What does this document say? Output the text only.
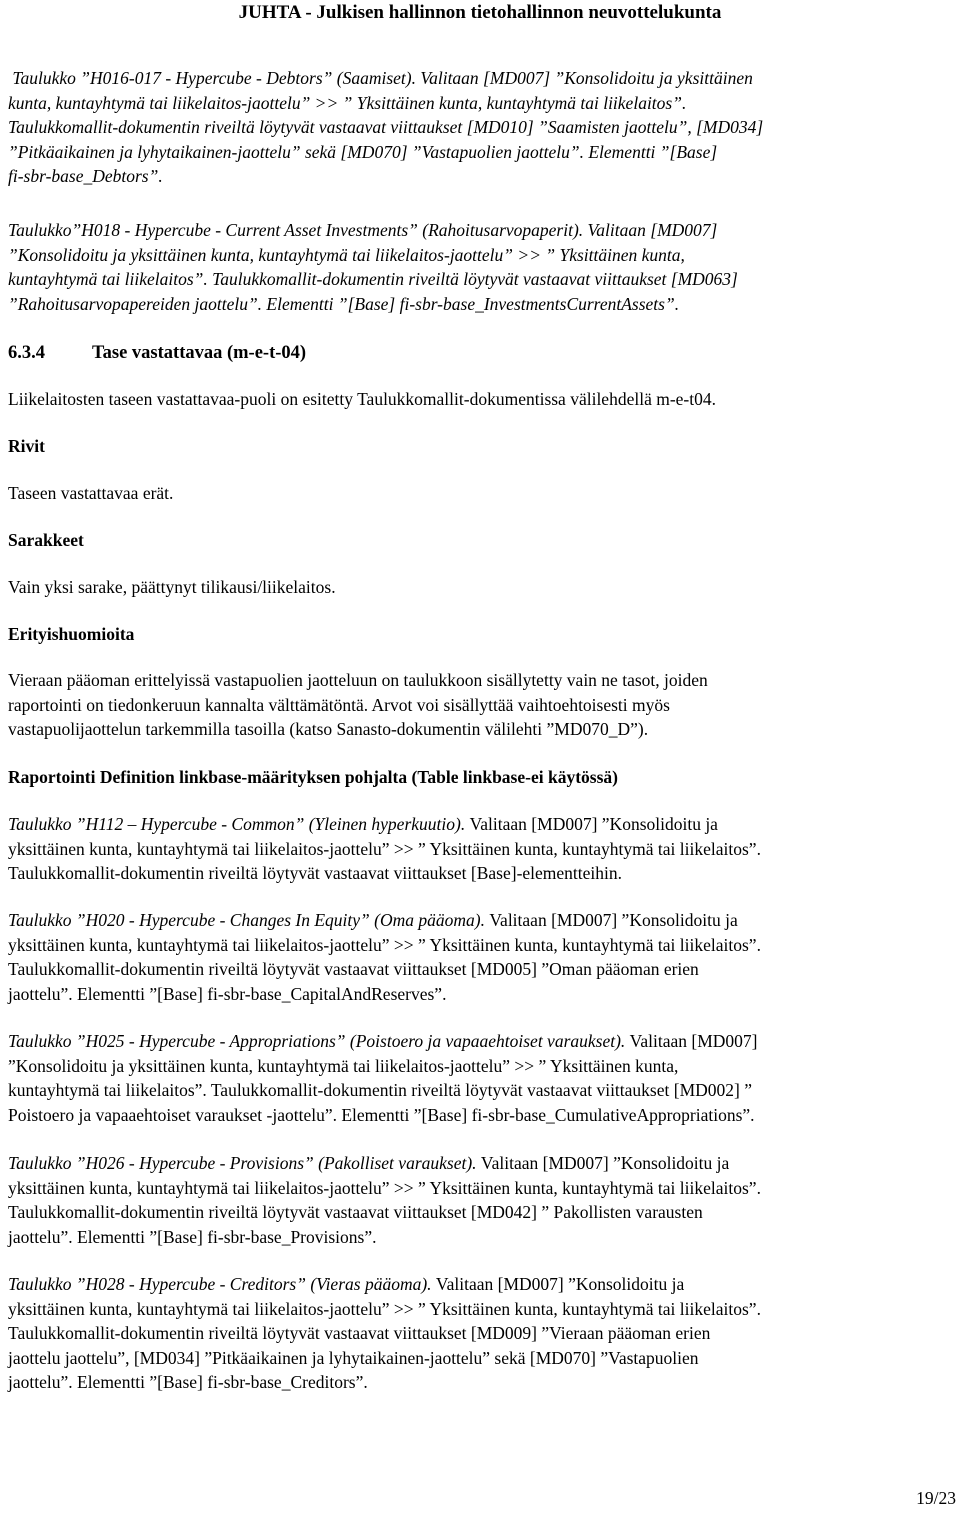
JUHTA - Julkisen hallinnon tietohallinnon neuvottelukunta
Taulukko ”H016-017 - Hypercube - Debtors” (Saamiset). Valitaan [MD007] ”Konsolidoitu ja yksittäinen
kunta, kuntayhtymä tai liikelaitos-jaottelu” >> ” Yksittäinen kunta, kuntayhtymä tai liikelaitos”.
Taulukkomallit-dokumentin riveiltä löytyvät vastaavat viittaukset [MD010] ”Saamisten jaottelu”, [MD034]
”Pitkäaikainen ja lyhytaikainen-jaottelu” sekä [MD070] ”Vastapuolien jaottelu”. Elementti ”[Base]
fi-sbr-base_Debtors”.
Taulukko”H018 - Hypercube - Current Asset Investments” (Rahoitusarvopaperit). Valitaan [MD007]
”Konsolidoitu ja yksittäinen kunta, kuntayhtymä tai liikelaitos-jaottelu” >> ” Yksittäinen kunta,
kuntayhtymä tai liikelaitos”. Taulukkomallit-dokumentin riveiltä löytyvät vastaavat viittaukset [MD063]
”Rahoitusarvopapereiden jaottelu”. Elementti ”[Base] fi-sbr-base_InvestmentsCurrentAssets”.
6.3.4	Tase vastattavaa (m-e-t-04)
Liikelaitosten taseen vastattavaa-puoli on esitetty Taulukkomallit-dokumentissa välilehdellä m-e-t04.
Rivit
Taseen vastattavaa erät.
Sarakkeet
Vain yksi sarake, päättynyt tilikausi/liikelaitos.
Erityishuomioita
Vieraan pääoman erittelyissä vastapuolien jaotteluun on taulukkoon sisällytetty vain ne tasot, joiden
raportointi on tiedonkeruun kannalta välttämätöntä. Arvot voi sisällyttää vaihtoehtoisesti myös
vastapuolijaottelun tarkemmilla tasoilla (katso Sanasto-dokumentin välilehti ”MD070_D”).
Raportointi Definition linkbase-määrityksen pohjalta (Table linkbase-ei käytössä)
Taulukko ”H112 – Hypercube - Common” (Yleinen hyperkuutio). Valitaan [MD007] ”Konsolidoitu ja
yksittäinen kunta, kuntayhtymä tai liikelaitos-jaottelu” >> ” Yksittäinen kunta, kuntayhtymä tai liikelaitos”.
Taulukkomallit-dokumentin riveiltä löytyvät vastaavat viittaukset [Base]-elementteihin.
Taulukko ”H020 - Hypercube - Changes In Equity” (Oma pääoma). Valitaan [MD007] ”Konsolidoitu ja
yksittäinen kunta, kuntayhtymä tai liikelaitos-jaottelu” >> ” Yksittäinen kunta, kuntayhtymä tai liikelaitos”.
Taulukkomallit-dokumentin riveiltä löytyvät vastaavat viittaukset [MD005] ”Oman pääoman erien
jaottelu”. Elementti ”[Base] fi-sbr-base_CapitalAndReserves”.
Taulukko ”H025 - Hypercube - Appropriations” (Poistoero ja vapaaehtoiset varaukset). Valitaan [MD007]
”Konsolidoitu ja yksittäinen kunta, kuntayhtymä tai liikelaitos-jaottelu” >> ” Yksittäinen kunta,
kuntayhtymä tai liikelaitos”. Taulukkomallit-dokumentin riveiltä löytyvät vastaavat viittaukset [MD002] ”
Poistoero ja vapaaehtoiset varaukset -jaottelu”. Elementti ”[Base] fi-sbr-base_CumulativeAppropriations”.
Taulukko ”H026 - Hypercube - Provisions” (Pakolliset varaukset). Valitaan [MD007] ”Konsolidoitu ja
yksittäinen kunta, kuntayhtymä tai liikelaitos-jaottelu” >> ” Yksittäinen kunta, kuntayhtymä tai liikelaitos”.
Taulukkomallit-dokumentin riveiltä löytyvät vastaavat viittaukset [MD042] ” Pakollisten varausten
jaottelu”. Elementti ”[Base] fi-sbr-base_Provisions”.
Taulukko ”H028 - Hypercube - Creditors” (Vieras pääoma). Valitaan [MD007] ”Konsolidoitu ja
yksittäinen kunta, kuntayhtymä tai liikelaitos-jaottelu” >> ” Yksittäinen kunta, kuntayhtymä tai liikelaitos”.
Taulukkomallit-dokumentin riveiltä löytyvät vastaavat viittaukset [MD009] ”Vieraan pääoman erien
jaottelu jaottelu”, [MD034] ”Pitkäaikainen ja lyhytaikainen-jaottelu” sekä [MD070] ”Vastapuolien
jaottelu”. Elementti ”[Base] fi-sbr-base_Creditors”.
19/23
